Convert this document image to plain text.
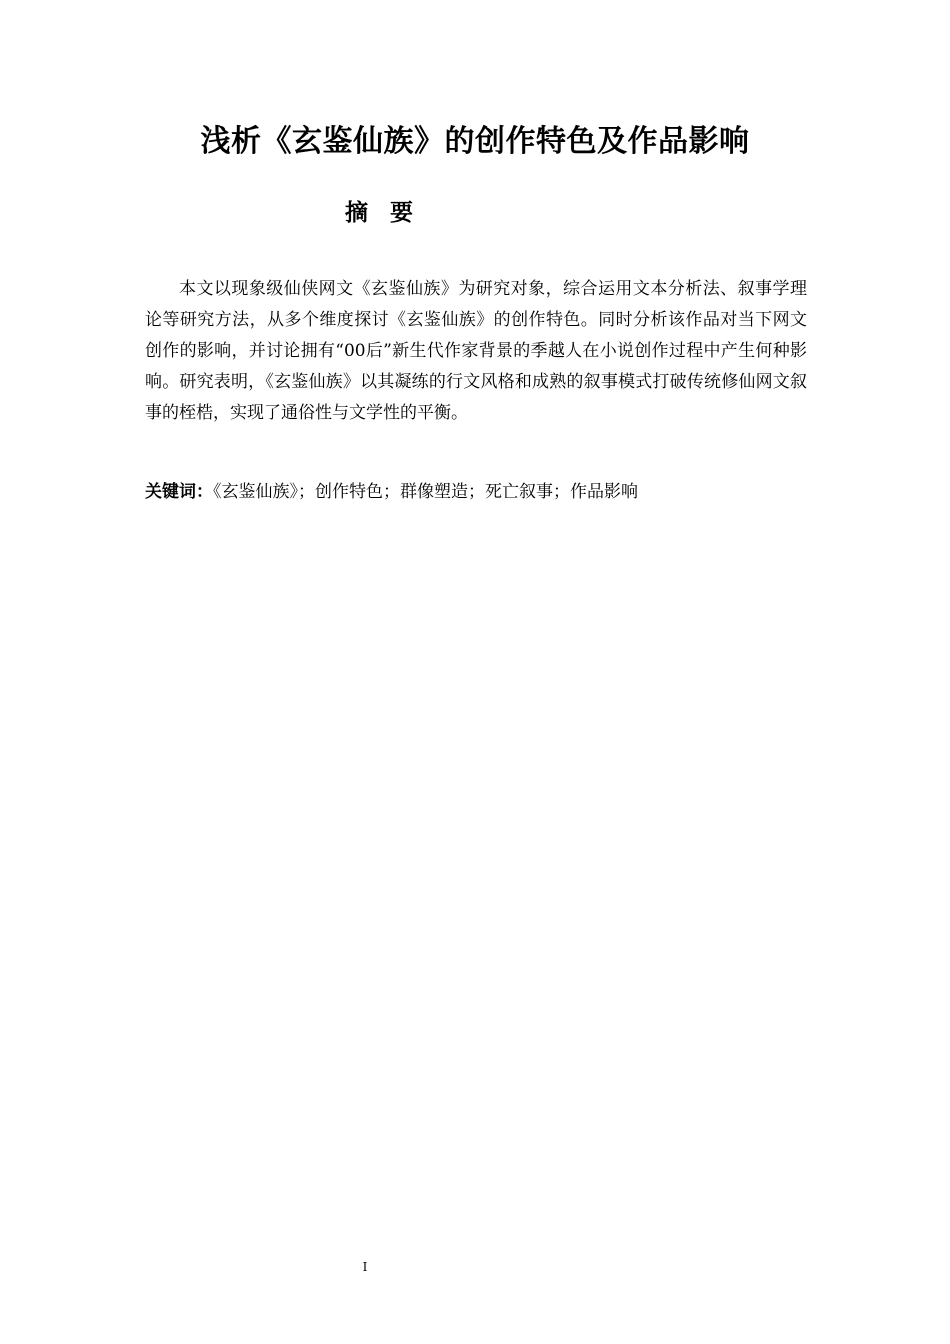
浅析《玄鉴仙族》的创作特色及作品影响
摘  要

本文以现象级仙侠网文《玄鉴仙族》为研究对象，综合运用文本分析法、叙事学理论等研究方法，从多个维度探讨《玄鉴仙族》的创作特色。同时分析该作品对当下网文创作的影响，并讨论拥有“00后”新生代作家背景的季越人在小说创作过程中产生何种影响。研究表明，《玄鉴仙族》以其凝练的行文风格和成熟的叙事模式打破传统修仙网文叙事的桎梏，实现了通俗性与文学性的平衡。

关键词：《玄鉴仙族》；创作特色；群像塑造；死亡叙事；作品影响
I
